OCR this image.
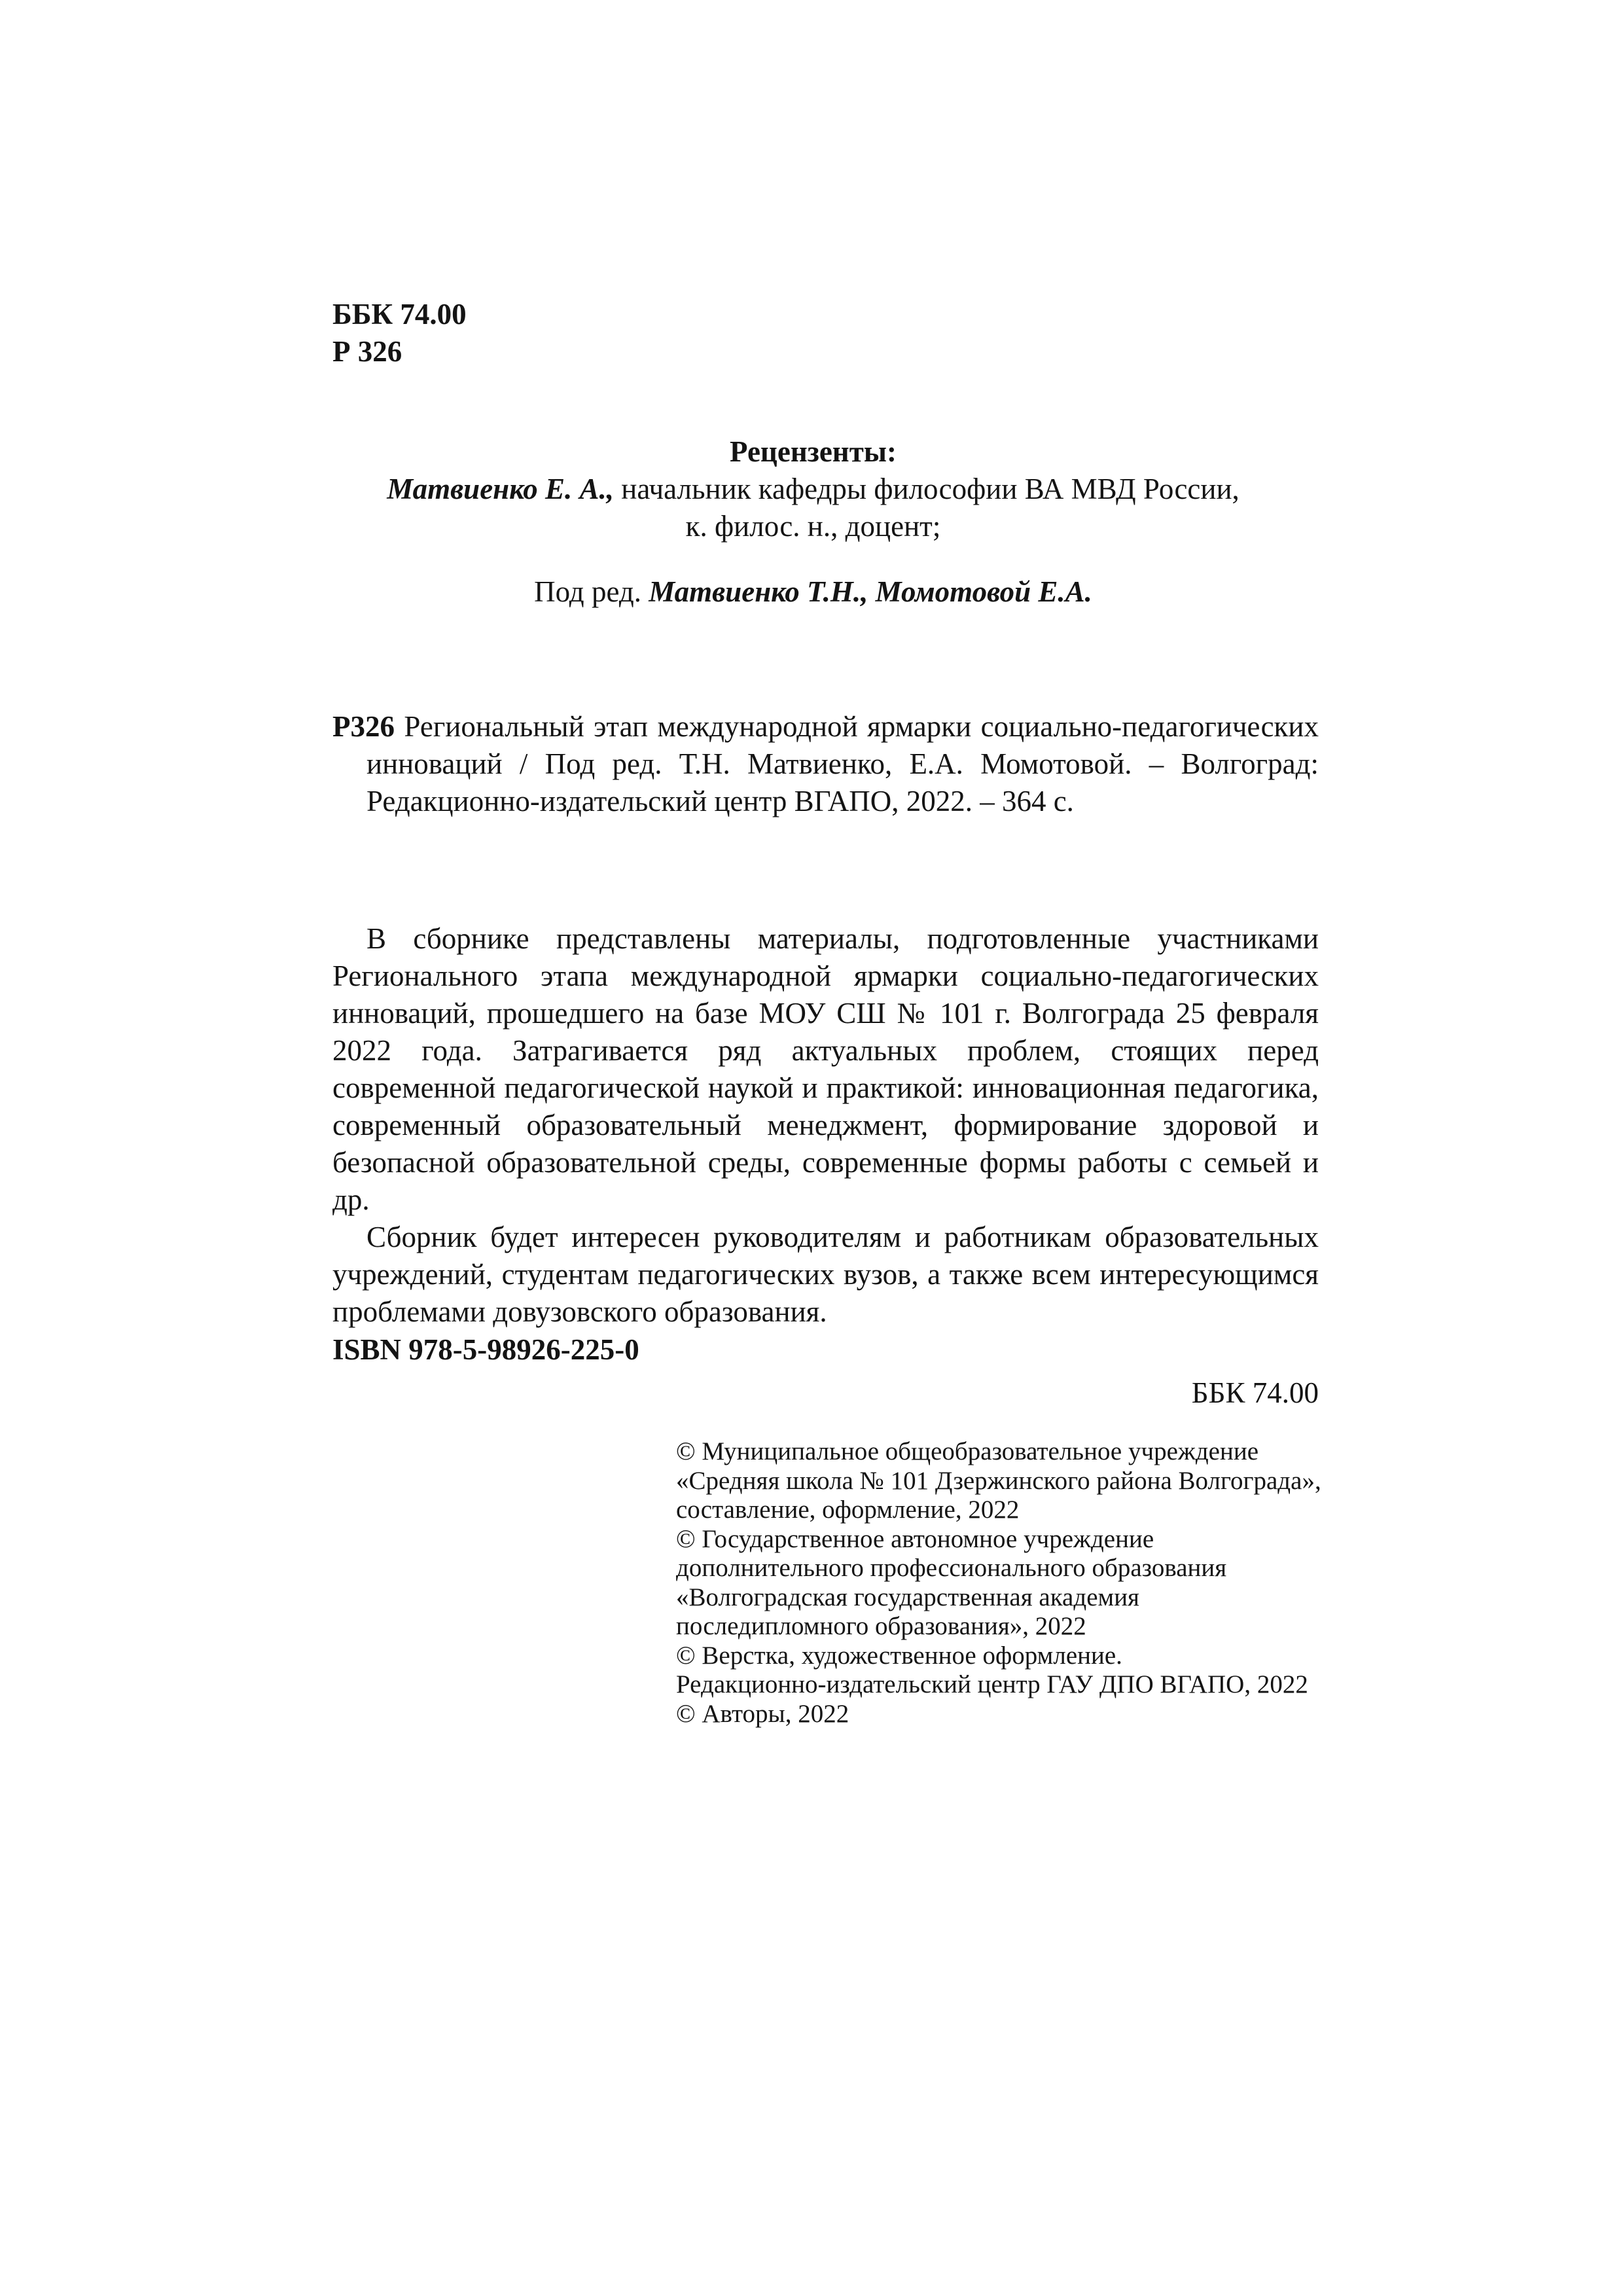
ББК 74.00
Р 326
Рецензенты:
Матвиенко Е. А., начальник кафедры философии ВА МВД России,
к. филос. н., доцент;
Под ред. Матвиенко Т.Н., Момотовой Е.А.

Р326 Региональный этап международной ярмарки социально-педагогических инноваций / Под ред. Т.Н. Матвиенко, Е.А. Момотовой. – Волгоград: Редакционно-издательский центр ВГАПО, 2022. – 364 с.

В сборнике представлены материалы, подготовленные участниками Регионального этапа международной ярмарки социально-педагогических инноваций, прошедшего на базе МОУ СШ № 101 г. Волгограда 25 февраля 2022 года. Затрагивается ряд актуальных проблем, стоящих перед современной педагогической наукой и практикой: инновационная педагогика, современный образовательный менеджмент, формирование здоровой и безопасной образовательной среды, современные формы работы с семьей и др.

Сборник будет интересен руководителям и работникам образовательных учреждений, студентам педагогических вузов, а также всем интересующимся проблемами довузовского образования.

ISBN 978-5-98926-225-0
ББК 74.00
© Муниципальное общеобразовательное учреждение
«Средняя школа № 101 Дзержинского района Волгограда»,
составление, оформление, 2022
© Государственное автономное учреждение
дополнительного профессионального образования
«Волгоградская государственная академия
последипломного образования», 2022
© Верстка, художественное оформление.
Редакционно-издательский центр ГАУ ДПО ВГАПО, 2022
© Авторы, 2022
